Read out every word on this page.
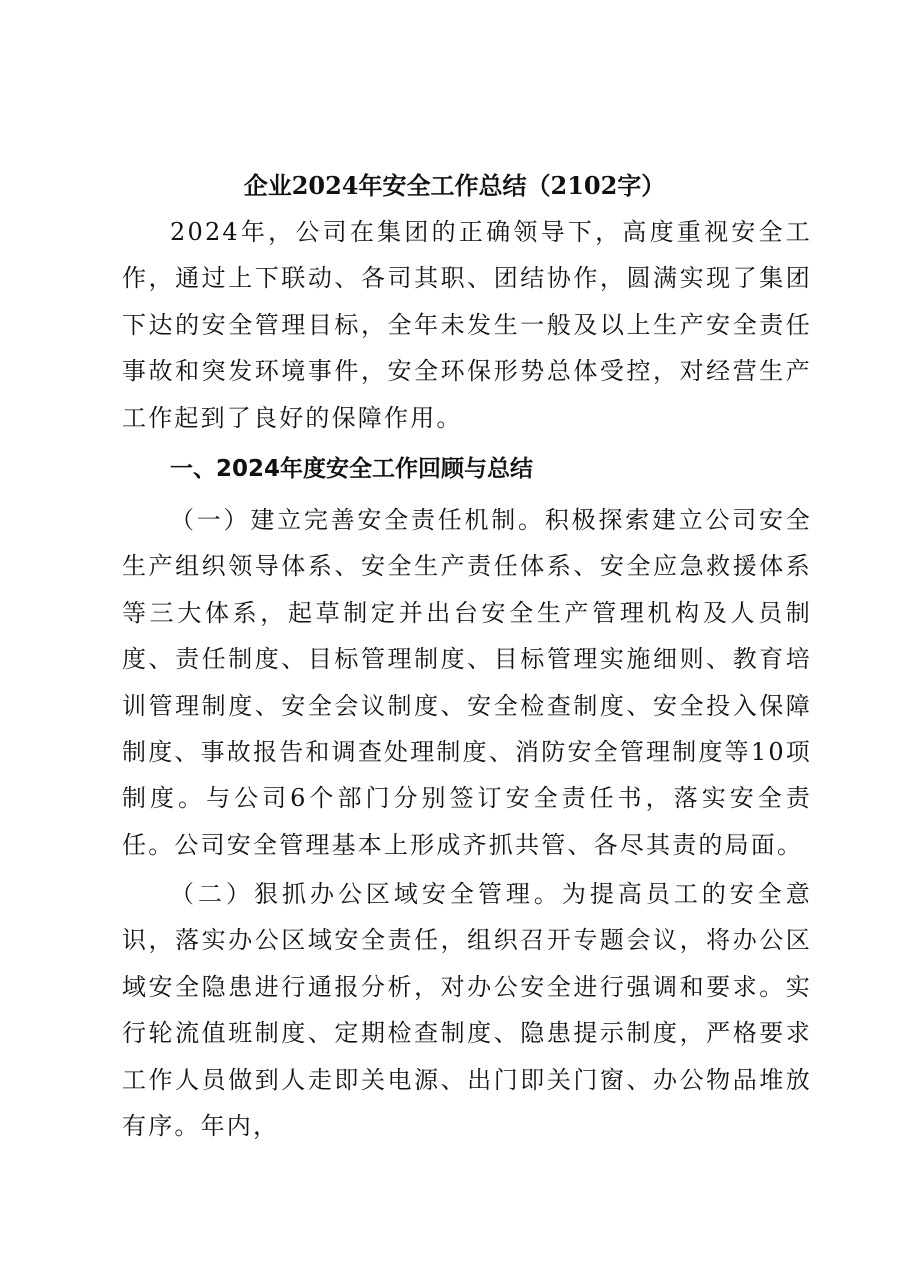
企业2024年安全工作总结（2102字）

2024年，公司在集团的正确领导下，高度重视安全工作，通过上下联动、各司其职、团结协作，圆满实现了集团下达的安全管理目标，全年未发生一般及以上生产安全责任事故和突发环境事件，安全环保形势总体受控，对经营生产工作起到了良好的保障作用。

一、2024年度安全工作回顾与总结

（一）建立完善安全责任机制。积极探索建立公司安全生产组织领导体系、安全生产责任体系、安全应急救援体系等三大体系，起草制定并出台安全生产管理机构及人员制度、责任制度、目标管理制度、目标管理实施细则、教育培训管理制度、安全会议制度、安全检查制度、安全投入保障制度、事故报告和调查处理制度、消防安全管理制度等10项制度。与公司6个部门分别签订安全责任书，落实安全责任。公司安全管理基本上形成齐抓共管、各尽其责的局面。

（二）狠抓办公区域安全管理。为提高员工的安全意识，落实办公区域安全责任，组织召开专题会议，将办公区域安全隐患进行通报分析，对办公安全进行强调和要求。实行轮流值班制度、定期检查制度、隐患提示制度，严格要求工作人员做到人走即关电源、出门即关门窗、办公物品堆放有序。年内，
